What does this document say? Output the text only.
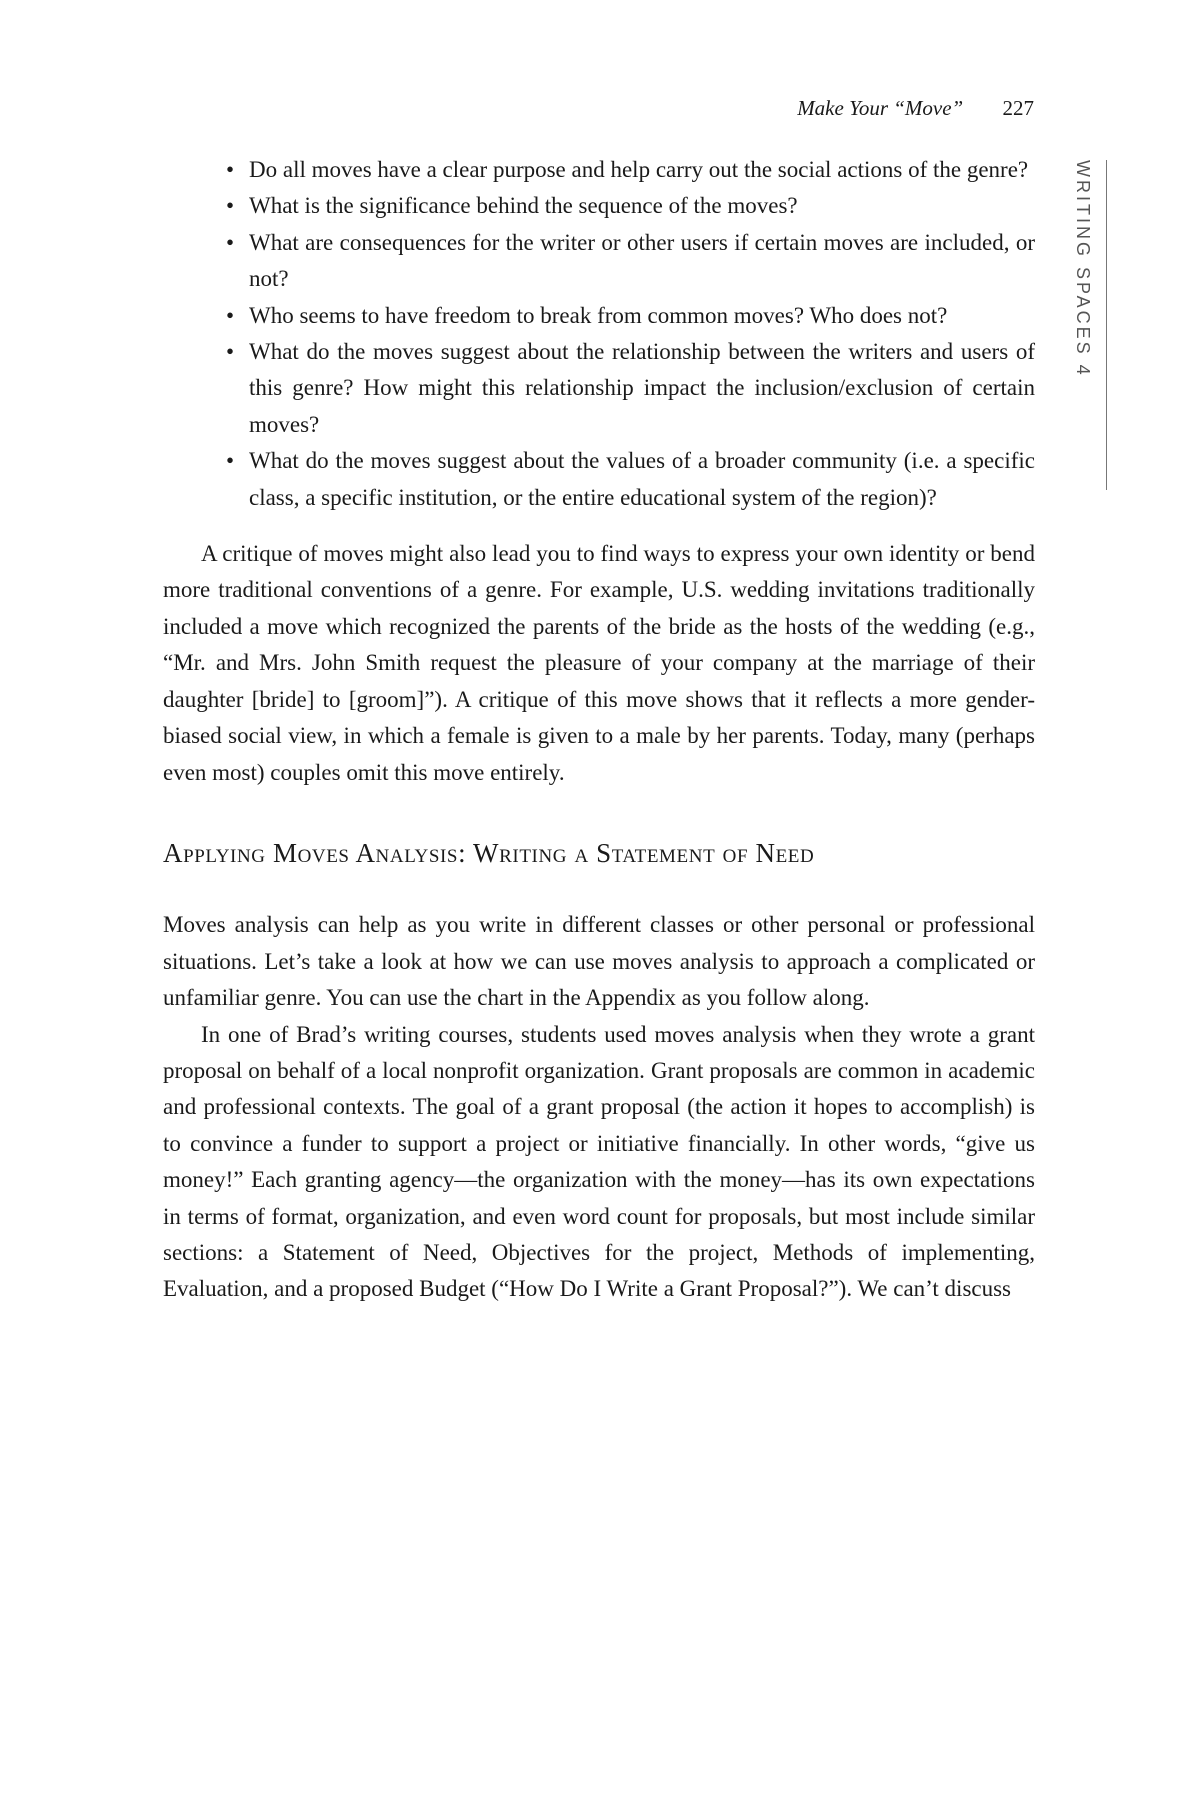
Make Your “Move” 227
WRITING SPACES 4
• Do all moves have a clear purpose and help carry out the social actions of the genre?
• What is the significance behind the sequence of the moves?
• What are consequences for the writer or other users if certain moves are included, or not?
• Who seems to have freedom to break from common moves? Who does not?
• What do the moves suggest about the relationship between the writers and users of this genre? How might this relationship impact the inclusion/exclusion of certain moves?
• What do the moves suggest about the values of a broader community (i.e. a specific class, a specific institution, or the entire educational system of the region)?

A critique of moves might also lead you to find ways to express your own identity or bend more traditional conventions of a genre. For example, U.S. wedding invitations traditionally included a move which recognized the parents of the bride as the hosts of the wedding (e.g., “Mr. and Mrs. John Smith request the pleasure of your company at the marriage of their daughter [bride] to [groom]”). A critique of this move shows that it reflects a more gender-biased social view, in which a female is given to a male by her parents. Today, many (perhaps even most) couples omit this move entirely.

Applying Moves Analysis: Writing a Statement of Need

Moves analysis can help as you write in different classes or other personal or professional situations. Let’s take a look at how we can use moves analysis to approach a complicated or unfamiliar genre. You can use the chart in the Appendix as you follow along.

In one of Brad’s writing courses, students used moves analysis when they wrote a grant proposal on behalf of a local nonprofit organization. Grant proposals are common in academic and professional contexts. The goal of a grant proposal (the action it hopes to accomplish) is to convince a funder to support a project or initiative financially. In other words, “give us money!” Each granting agency—the organization with the money—has its own expectations in terms of format, organization, and even word count for proposals, but most include similar sections: a Statement of Need, Objectives for the project, Methods of implementing, Evaluation, and a proposed Budget (“How Do I Write a Grant Proposal?”). We can’t discuss
